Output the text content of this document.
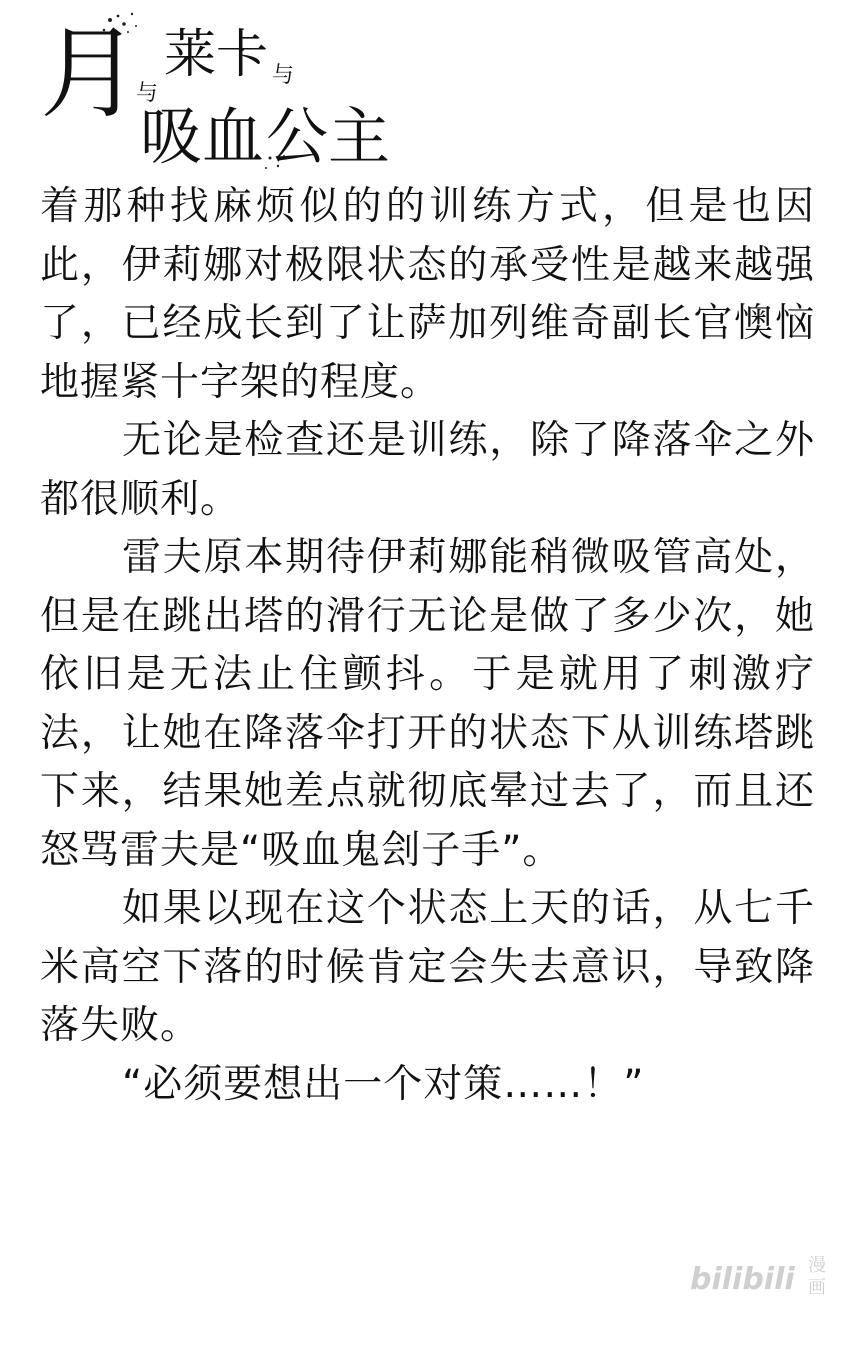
月
与
莱卡 与
吸血 公主

着那种找麻烦似的的训练方式，但是也因此，伊莉娜对极限状态的承受性是越来越强了，已经成长到了让萨加列维奇副长官懊恼地握紧十字架的程度。

无论是检查还是训练，除了降落伞之外都很顺利。

雷夫原本期待伊莉娜能稍微吸管高处，但是在跳出塔的滑行无论是做了多少次，她依旧是无法止住颤抖。于是就用了刺激疗法，让她在降落伞打开的状态下从训练塔跳下来，结果她差点就彻底晕过去了，而且还怒骂雷夫是“吸血鬼刽子手”。

如果以现在这个状态上天的话，从七千米高空下落的时候肯定会失去意识，导致降落失败。

“必须要想出一个对策……！”

bilibili 漫
画
